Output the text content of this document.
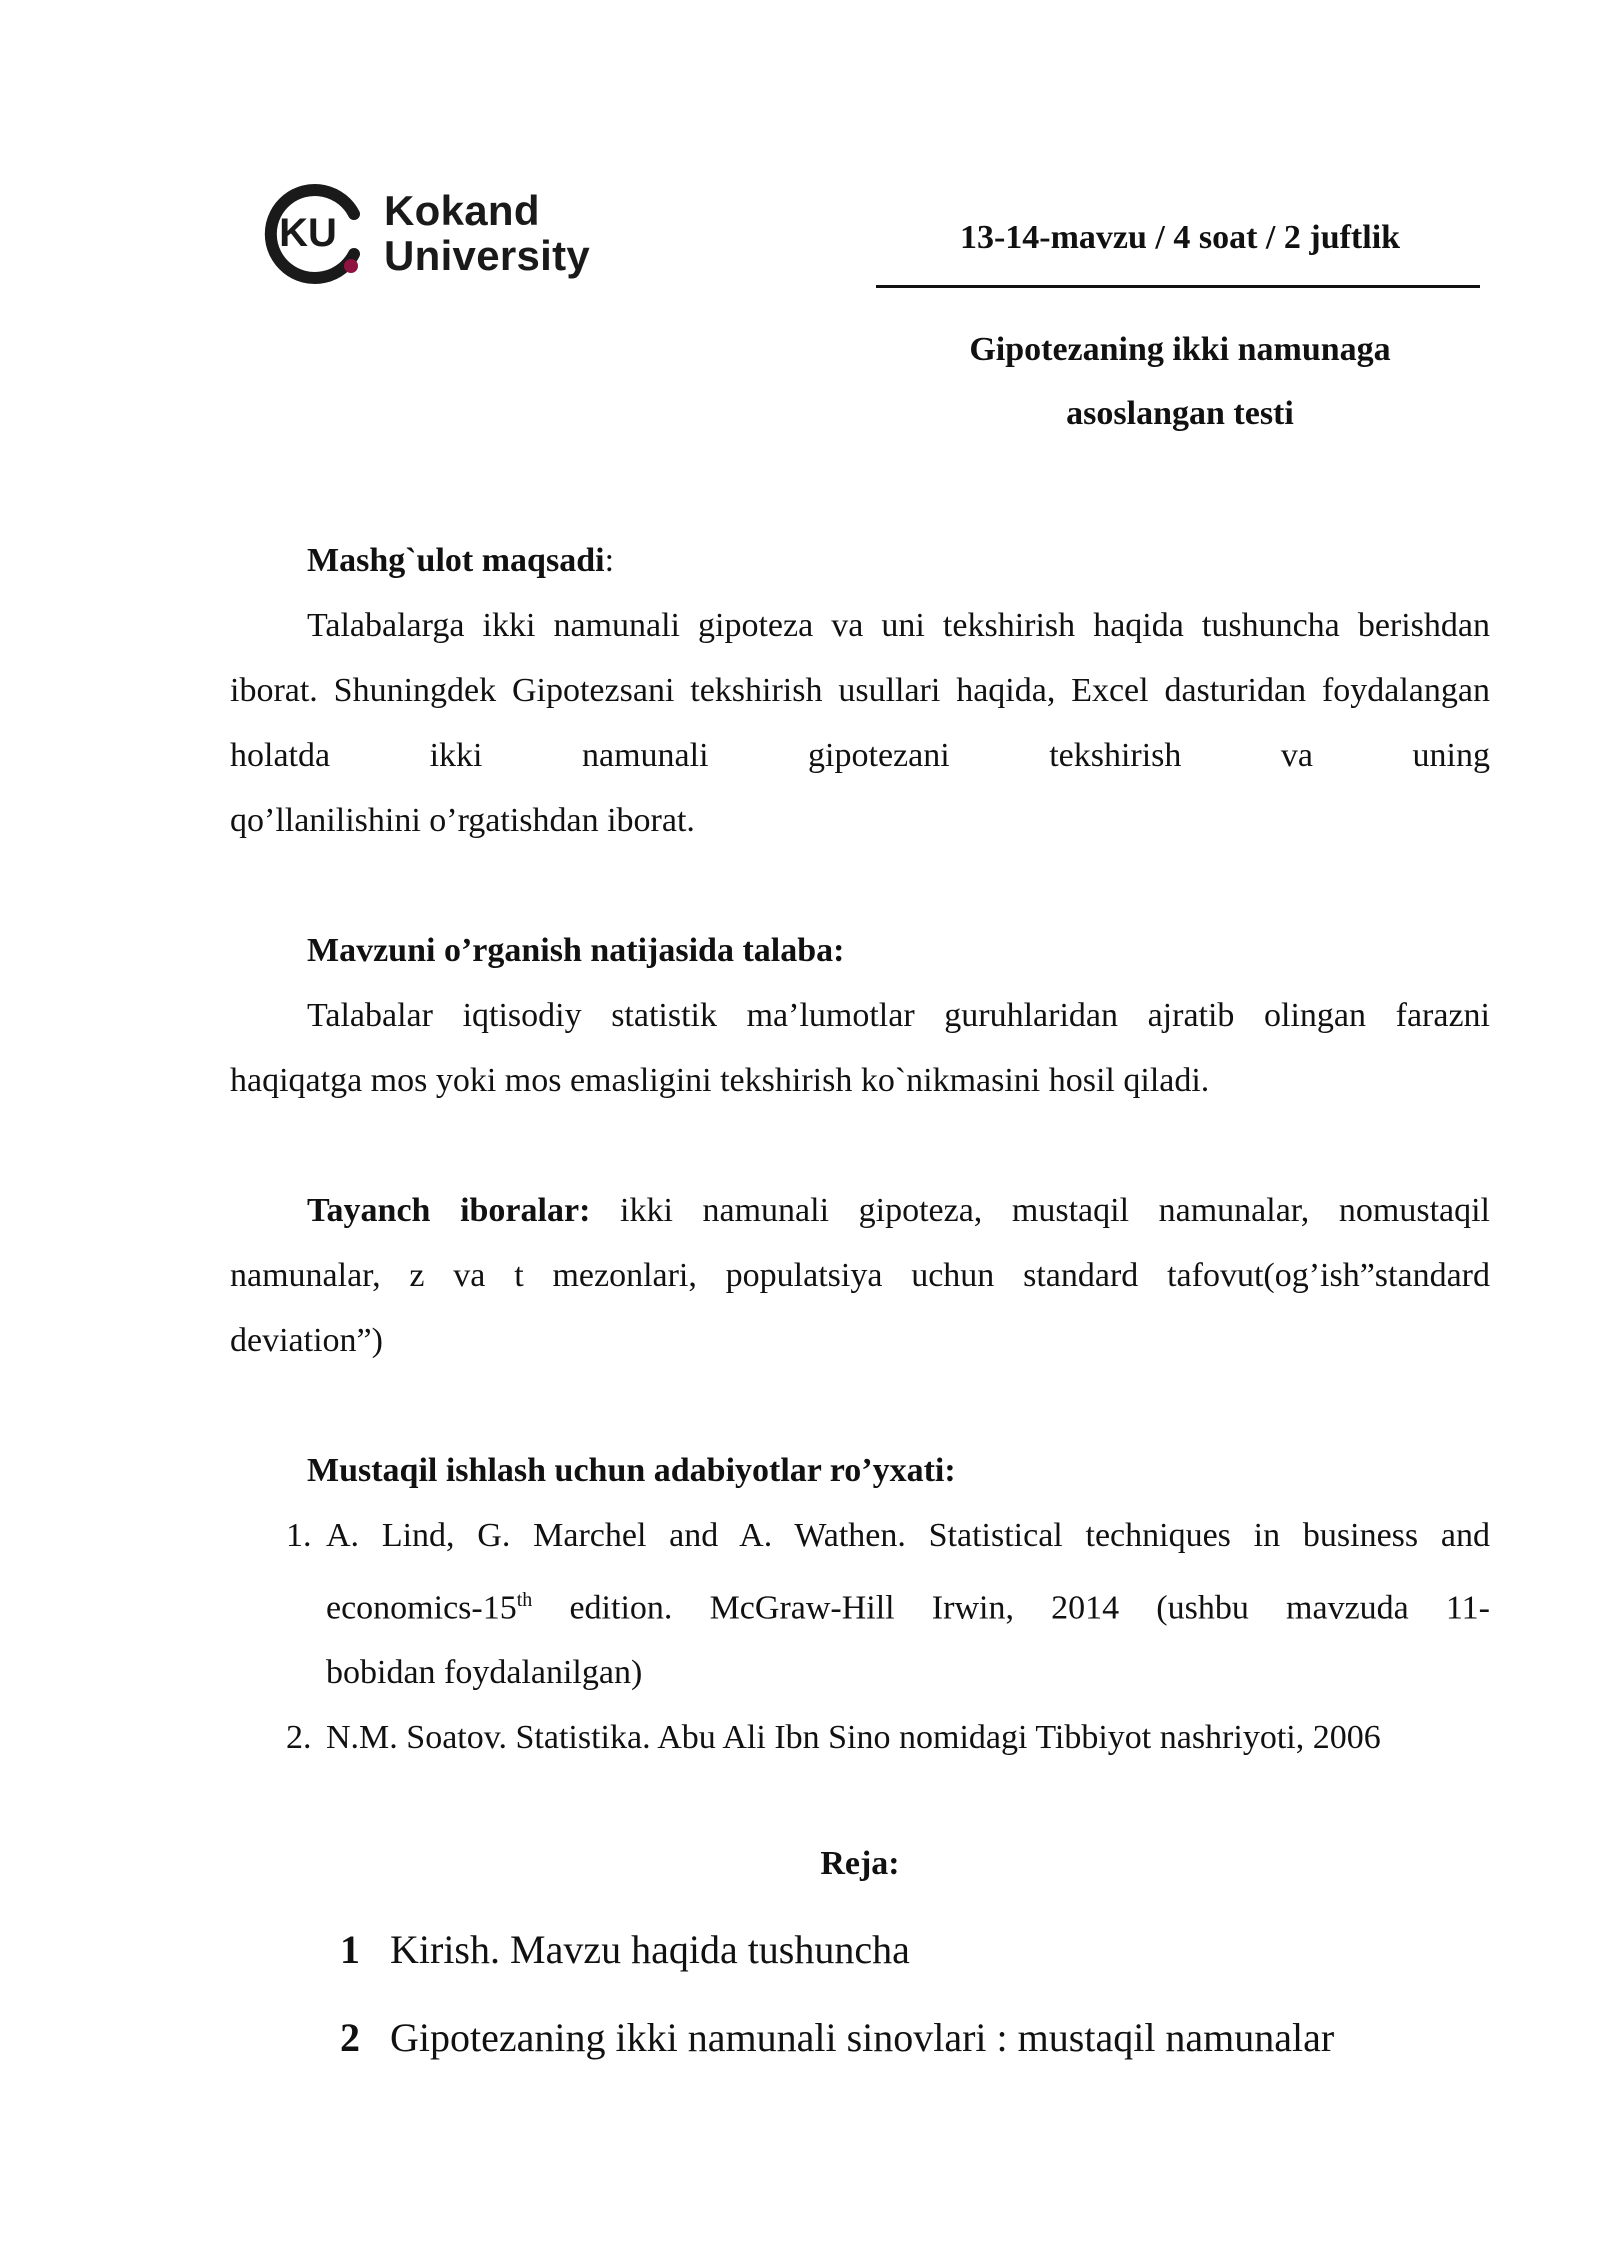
KU Kokand
University	13-14-mavzu / 4 soat / 2 juftlik
Gipotezaning ikki namunaga
asoslangan testi
Mashg`ulot maqsadi:
Talabalarga ikki namunali gipoteza va uni tekshirish haqida tushuncha berishdan iborat. Shuningdek Gipotezsani tekshirish usullari haqida, Excel dasturidan foydalangan holatda ikki namunali gipotezani tekshirish va uning
qo’llanilishini o’rgatishdan iborat.
Mavzuni o’rganish natijasida talaba:
Talabalar iqtisodiy statistik ma’lumotlar guruhlaridan ajratib olingan farazni
haqiqatga mos yoki mos emasligini tekshirish ko`nikmasini hosil qiladi.
Tayanch iboralar: ikki namunali gipoteza, mustaqil namunalar, nomustaqil namunalar, z va t mezonlari, populatsiya uchun standard tafovut(og’ish”standard
deviation”)
Mustaqil ishlash uchun adabiyotlar ro’yxati:
1. A. Lind, G. Marchel and A. Wathen. Statistical techniques in business and economics-15th edition. McGraw-Hill Irwin, 2014 (ushbu mavzuda 11-
bobidan foydalanilgan)
2. N.M. Soatov. Statistika. Abu Ali Ibn Sino nomidagi Tibbiyot nashriyoti, 2006
Reja:
1 Kirish. Mavzu haqida tushuncha
2 Gipotezaning ikki namunali sinovlari : mustaqil namunalar
